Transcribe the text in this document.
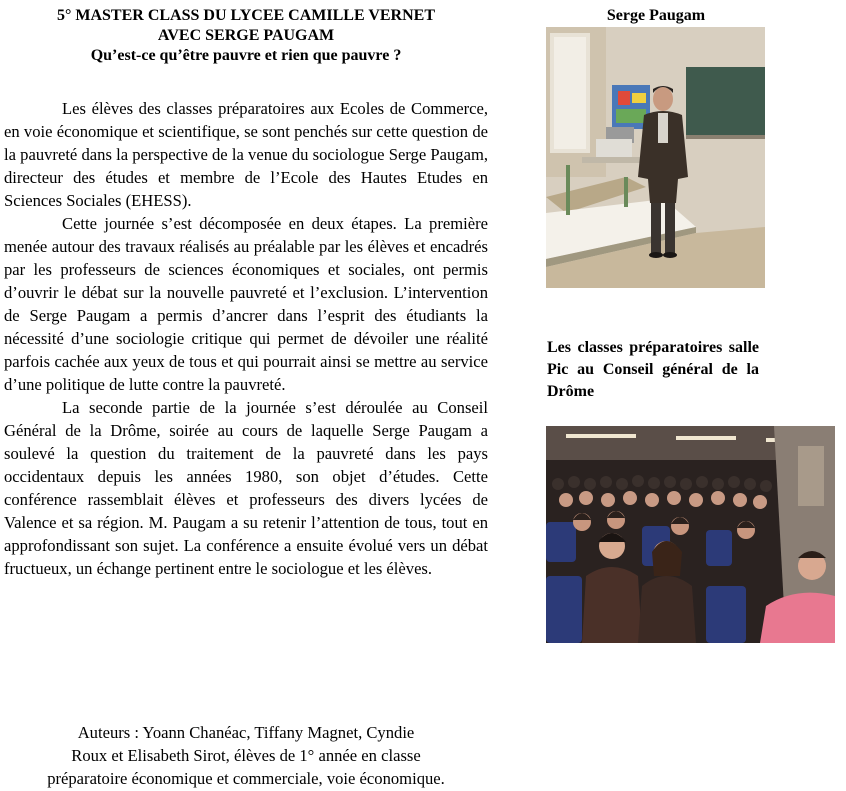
5° MASTER CLASS DU LYCEE CAMILLE VERNET
AVEC SERGE PAUGAM
Qu’est-ce qu’être pauvre et rien que pauvre ?

Les élèves des classes préparatoires aux Ecoles de Commerce, en voie économique et scientifique, se sont penchés sur cette question de la pauvreté dans la perspective de la venue du sociologue Serge Paugam, directeur des études et membre de l’Ecole des Hautes Etudes en Sciences Sociales (EHESS).

Cette journée s’est décomposée en deux étapes. La première menée autour des travaux réalisés au préalable par les élèves et encadrés par les professeurs de sciences économiques et sociales, ont permis d’ouvrir le débat sur la nouvelle pauvreté et l’exclusion. L’intervention de Serge Paugam a permis d’ancrer dans l’esprit des étudiants la nécessité d’une sociologie critique qui permet de dévoiler une réalité parfois cachée aux yeux de tous et qui pourrait ainsi se mettre au service d’une politique de lutte contre la pauvreté.

La seconde partie de la journée s’est déroulée au Conseil Général de la Drôme, soirée au cours de laquelle Serge Paugam a soulevé la question du traitement de la pauvreté dans les pays occidentaux depuis les années 1980, son objet d’études. Cette conférence rassemblait élèves et professeurs des divers lycées de Valence et sa région. M. Paugam a su retenir l’attention de tous, tout en approfondissant son sujet. La conférence a ensuite évolué vers un débat fructueux, un échange pertinent entre le sociologue et les élèves.

Auteurs : Yoann Chanéac, Tiffany Magnet, Cyndie
Roux et Elisabeth Sirot, élèves de 1° année en classe
préparatoire économique et commerciale, voie économique.
Serge Paugam
Les classes préparatoires salle Pic au Conseil général de la Drôme
